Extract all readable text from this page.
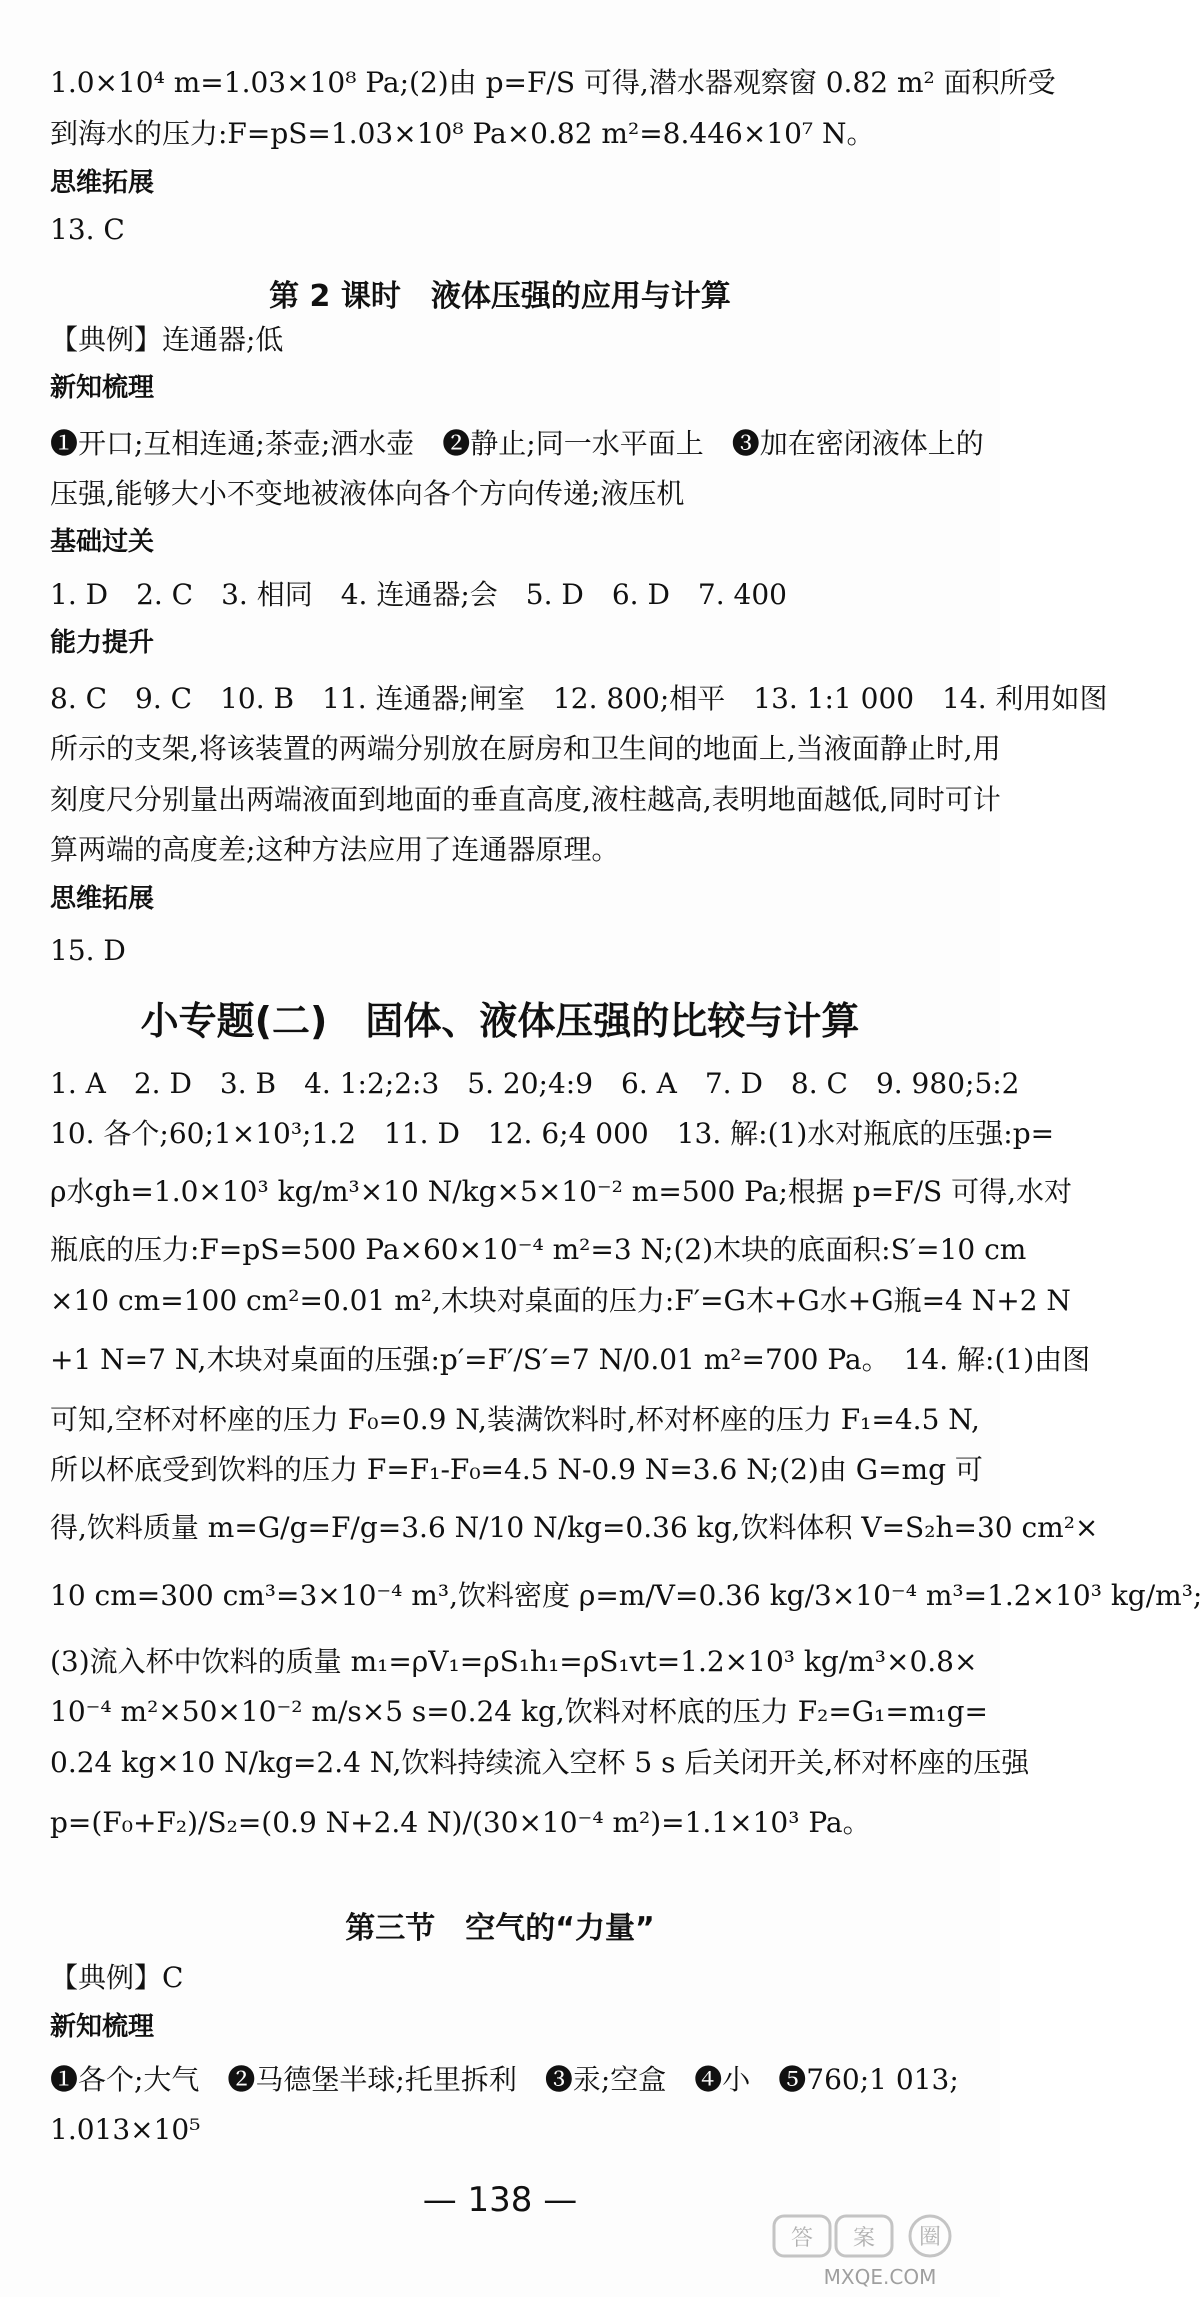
1.0×10⁴ m=1.03×10⁸ Pa;(2)由 p=F/S 可得,潜水器观察窗 0.82 m² 面积所受
到海水的压力:F=pS=1.03×10⁸ Pa×0.82 m²=8.446×10⁷ N。
思维拓展
13. C
第 2 课时　液体压强的应用与计算
【典例】连通器;低
新知梳理
❶开口;互相连通;茶壶;洒水壶　❷静止;同一水平面上　❸加在密闭液体上的
压强,能够大小不变地被液体向各个方向传递;液压机
基础过关
1. D　2. C　3. 相同　4. 连通器;会　5. D　6. D　7. 400
能力提升
8. C　9. C　10. B　11. 连通器;闸室　12. 800;相平　13. 1:1 000　14. 利用如图
所示的支架,将该装置的两端分别放在厨房和卫生间的地面上,当液面静止时,用
刻度尺分别量出两端液面到地面的垂直高度,液柱越高,表明地面越低,同时可计
算两端的高度差;这种方法应用了连通器原理。
思维拓展
15. D
小专题(二)　固体、液体压强的比较与计算
1. A　2. D　3. B　4. 1:2;2:3　5. 20;4:9　6. A　7. D　8. C　9. 980;5:2
10. 各个;60;1×10³;1.2　11. D　12. 6;4 000　13. 解:(1)水对瓶底的压强:p=
ρ水gh=1.0×10³ kg/m³×10 N/kg×5×10⁻² m=500 Pa;根据 p=F/S 可得,水对
瓶底的压力:F=pS=500 Pa×60×10⁻⁴ m²=3 N;(2)木块的底面积:S′=10 cm
×10 cm=100 cm²=0.01 m²,木块对桌面的压力:F′=G木+G水+G瓶=4 N+2 N
+1 N=7 N,木块对桌面的压强:p′=F′/S′=7 N/0.01 m²=700 Pa。　14. 解:(1)由图
可知,空杯对杯座的压力 F₀=0.9 N,装满饮料时,杯对杯座的压力 F₁=4.5 N,
所以杯底受到饮料的压力 F=F₁-F₀=4.5 N-0.9 N=3.6 N;(2)由 G=mg 可
得,饮料质量 m=G/g=F/g=3.6 N/10 N/kg=0.36 kg,饮料体积 V=S₂h=30 cm²×
10 cm=300 cm³=3×10⁻⁴ m³,饮料密度 ρ=m/V=0.36 kg/3×10⁻⁴ m³=1.2×10³ kg/m³;
(3)流入杯中饮料的质量 m₁=ρV₁=ρS₁h₁=ρS₁vt=1.2×10³ kg/m³×0.8×
10⁻⁴ m²×50×10⁻² m/s×5 s=0.24 kg,饮料对杯底的压力 F₂=G₁=m₁g=
0.24 kg×10 N/kg=2.4 N,饮料持续流入空杯 5 s 后关闭开关,杯对杯座的压强
p=(F₀+F₂)/S₂=(0.9 N+2.4 N)/(30×10⁻⁴ m²)=1.1×10³ Pa。
第三节　空气的“力量”
【典例】C
新知梳理
❶各个;大气　❷马德堡半球;托里拆利　❸汞;空盒　❹小　❺760;1 013;
1.013×10⁵
— 138 —
答 案 圈
MXQE.COM
